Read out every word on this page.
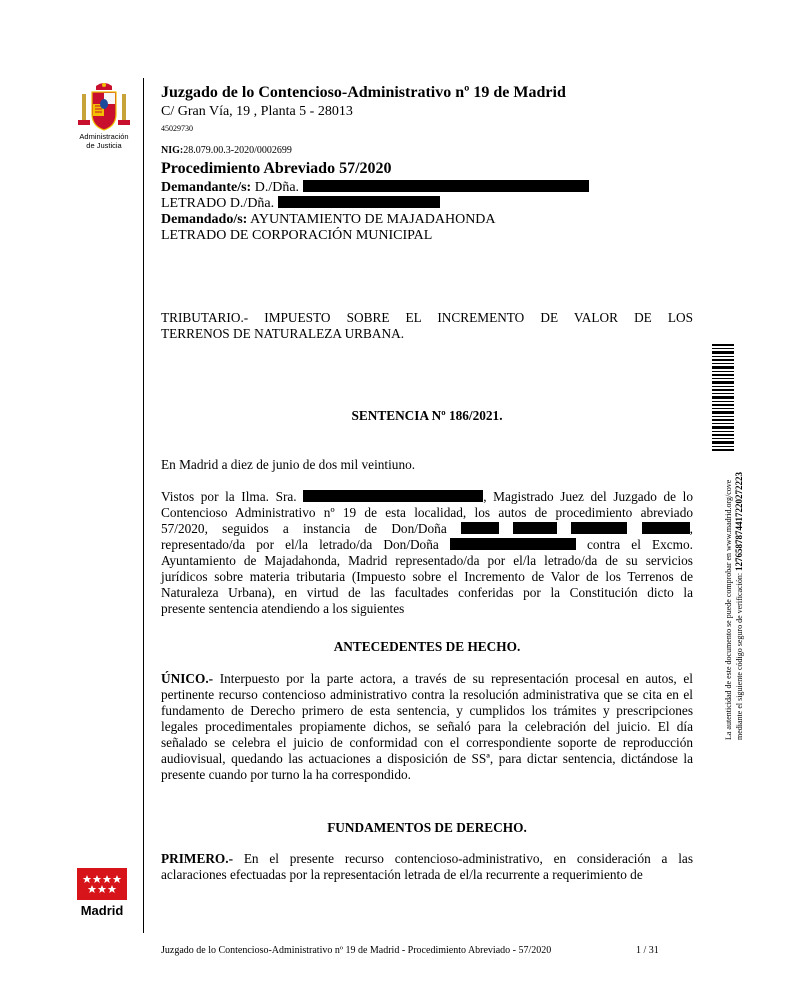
Administración
de Justicia
Madrid
Juzgado de lo Contencioso-Administrativo nº 19 de Madrid
C/ Gran Vía, 19 , Planta 5 - 28013
45029730
NIG:28.079.00.3-2020/0002699
Procedimiento Abreviado 57/2020
Demandante/s: D./Dña.
LETRADO D./Dña.
Demandado/s: AYUNTAMIENTO DE MAJADAHONDA
LETRADO DE CORPORACIÓN MUNICIPAL
TRIBUTARIO.- IMPUESTO SOBRE EL INCREMENTO DE VALOR DE LOS
TERRENOS DE NATURALEZA URBANA.
SENTENCIA Nº 186/2021.
En Madrid a diez de junio de dos mil veintiuno.
Vistos por la Ilma. Sra.	, Magistrado Juez del Juzgado de lo
Contencioso Administrativo nº 19 de esta localidad, los autos de procedimiento abreviado
57/2020, seguidos a instancia de Don/Doña	,
representado/da por el/la letrado/da Don/Doña	contra el Excmo.
Ayuntamiento de Majadahonda, Madrid representado/da por el/la letrado/da de su servicios
jurídicos sobre materia tributaria (Impuesto sobre el Incremento de Valor de los Terrenos de
Naturaleza Urbana), en virtud de las facultades conferidas por la Constitución dicto la
presente sentencia atendiendo a los siguientes
ANTECEDENTES DE HECHO.
ÚNICO.- Interpuesto por la parte actora, a través de su representación procesal en autos, el pertinente recurso contencioso administrativo contra la resolución administrativa que se cita en el fundamento de Derecho primero de esta sentencia, y cumplidos los trámites y prescripciones legales procedimentales propiamente dichos, se señaló para la celebración del juicio. El día señalado se celebra el juicio de conformidad con el correspondiente soporte de reproducción audiovisual, quedando las actuaciones a disposición de SSª, para dictar sentencia, dictándose la presente cuando por turno la ha correspondido.
FUNDAMENTOS DE DERECHO.
PRIMERO.- En el presente recurso contencioso-administrativo, en consideración a las aclaraciones efectuadas por la representación letrada de el/la recurrente a requerimiento de
La autenticidad de este documento se puede comprobar en www.madrid.org/cove mediante el siguiente código seguro de verificación: 1276587874417220272223
Juzgado de lo Contencioso-Administrativo nº 19 de Madrid - Procedimiento Abreviado - 57/2020	1 / 31
